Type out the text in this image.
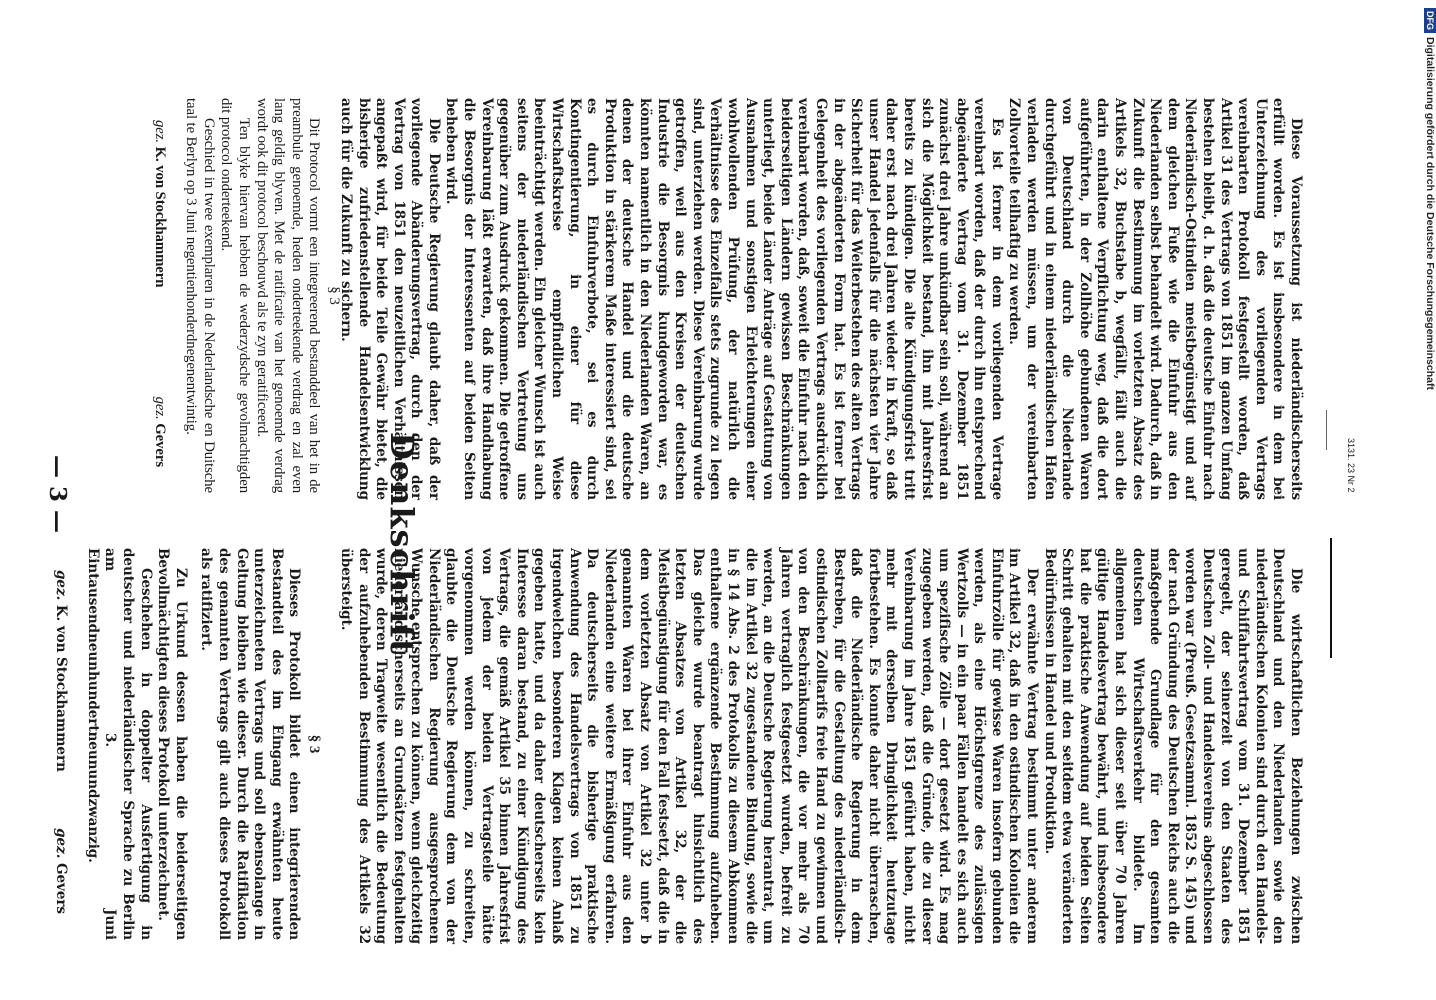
— 3 —
§ 3

Dieses Protokoll bildet einen integrierenden Bestandteil des im Eingang erwähnten heute unterzeichneten Vertrags und soll ebensolange in Geltung bleiben wie dieser. Durch die Ratifikation des genannten Vertrags gilt auch dieses Protokoll als ratifiziert.

Zu Urkund dessen haben die beiderseitigen Bevollmächtigten dieses Protokoll unterzeichnet.

Geschehen in doppelter Ausfertigung in deutscher und niederländischer Sprache zu Berlin am 3. Juni Eintausendneunhundertneunundzwanzig.

gez. K. von Stockhammern
gez. Gevers
§ 3

Dit Protocol vormt een integreerend bestanddeel van het in de preambule genoemde, heden onderteekende verdrag en zal even lang geldig blyven. Met de ratificatie van het genoemde verdrag wordt ook dit protocol beschouwd als te zyn geratificeerd.

Ten blyke hiervan hebben de wederzydsche gevolmachtigden dit protocol onderteekend.

Geschied in twee exemplaren in de Nederlandsche en Duitsche taal te Berlyn op 3 Juni negentienhonderdnegenentwintig.

gez. K. von Stockhammern
gez. Gevers	Denkschrift

Die wirtschaftlichen Beziehungen zwischen Deutschland und den Niederlanden sowie den niederländischen Kolonien sind durch den Handels- und Schiffahrtsvertrag vom 31. Dezember 1851 geregelt, der seinerzeit von den Staaten des Deutschen Zoll- und Handelsvereins abgeschlossen worden war (Preuß. Gesetzsamml. 1852 S. 145) und der nach Gründung des Deutschen Reichs auch die maßgebende Grundlage für den gesamten deutschen Wirtschaftsverkehr bildete. Im allgemeinen hat sich dieser seit über 70 Jahren gültige Handelsvertrag bewährt, und insbesondere hat die praktische Anwendung auf beiden Seiten Schritt gehalten mit den seitdem etwa veränderten Bedürfnissen in Handel und Produktion.

Der erwähnte Vertrag bestimmt unter anderem im Artikel 32, daß in den ostindischen Kolonien die Einfuhrzölle für gewisse Waren insofern gebunden werden, als eine Höchstgrenze des zulässigen Wertzolls — in ein paar Fällen handelt es sich auch um spezifische Zölle — dort gesetzt wird. Es mag zugegeben werden, daß die Gründe, die zu dieser Vereinbarung im Jahre 1851 geführt haben, nicht mehr mit derselben Dringlichkeit heutzutage fortbestehen. Es konnte daher nicht überraschen, daß die Niederländische Regierung in dem Bestreben, für die Gestaltung des niederländisch-ostindischen Zolltarifs freie Hand zu gewinnen und von den Beschränkungen, die vor mehr als 70 Jahren vertraglich festgesetzt wurden, befreit zu werden, an die Deutsche Regierung herantrat, um die im Artikel 32 zugestandene Bindung, sowie die in § 14 Abs. 2 des Protokolls zu diesem Abkommen enthaltene ergänzende Bestimmung aufzuheben. Das gleiche wurde beantragt hinsichtlich des letzten Absatzes von Artikel 32, der die Meistbegünstigung für den Fall festsetzt, daß die in dem vorletzten Absatz von Artikel 32 unter b genannten Waren bei ihrer Einfuhr aus den Niederlanden eine weitere Ermäßigung erfahren. Da deutscherseits die bisherige praktische Anwendung des Handelsvertrags von 1851 zu irgendwelchen besonderen Klagen keinen Anlaß gegeben hatte, und da daher deutscherseits kein Interesse daran bestand, zu einer Kündigung des Vertrags, die gemäß Artikel 35 binnen Jahresfrist von jedem der beiden Vertragsteile hätte vorgenommen werden können, zu schreiten, glaubte die Deutsche Regierung dem von der Niederländischen Regierung ausgesprochenen Wunsche entsprechen zu können, wenn gleichzeitig niederländischerseits an Grundsätzen festgehalten wurde, deren Tragweite wesentlich die Bedeutung der aufzuhebenden Bestimmung des Artikels 32 übersteigt.

Diese Voraussetzung ist niederländischerseits erfüllt worden. Es ist insbesondere in dem bei Unterzeichnung des vorliegenden Vertrags vereinbarten Protokoll festgestellt worden, daß Artikel 31 des Vertrags von 1851 im ganzen Umfang bestehen bleibt, d. h. daß die deutsche Einfuhr nach Niederländisch-Ostindien meistbegünstigt und auf dem gleichen Fuße wie die Einfuhr aus den Niederlanden selbst behandelt wird. Dadurch, daß in Zukunft die Bestimmung im vorletzten Absatz des Artikels 32, Buchstabe b, wegfällt, fällt auch die darin enthaltene Verpflichtung weg, daß die dort aufgeführten, in der Zollhöhe gebundenen Waren von Deutschland durch die Niederlande durchgeführt und in einem niederländischen Hafen verladen werden müssen, um der vereinbarten Zollvorteile teilhaftig zu werden.

Es ist ferner in dem vorliegenden Vertrage vereinbart worden, daß der durch ihn entsprechend abgeänderte Vertrag vom 31. Dezember 1851 zunächst drei Jahre unkündbar sein soll, während an sich die Möglichkeit bestand, ihn mit Jahresfrist bereits zu kündigen. Die alte Kündigungsfrist tritt daher erst nach drei Jahren wieder in Kraft, so daß unser Handel jedenfalls für die nächsten vier Jahre Sicherheit für das Weiterbestehen des alten Vertrags in der abgeänderten Form hat. Es ist ferner bei Gelegenheit des vorliegenden Vertrags ausdrücklich vereinbart worden, daß, soweit die Einfuhr nach den beiderseitigen Ländern gewissen Beschränkungen unterliegt, beide Länder Anträge auf Gestattung von Ausnahmen und sonstigen Erleichterungen einer wohlwollenden Prüfung, der natürlich die Verhältnisse des Einzelfalls stets zugrunde zu legen sind, unterziehen werden. Diese Vereinbarung wurde getroffen, weil aus den Kreisen der deutschen Industrie die Besorgnis kundgeworden war, es könnten namentlich in den Niederlanden Waren, an denen der deutsche Handel und die deutsche Produktion in stärkerem Maße interessiert sind, sei es durch Einfuhrverbote, sei es durch Kontingentierung, in einer für diese Wirtschaftskreise empfindlichen Weise beeinträchtigt werden. Ein gleicher Wunsch ist auch seitens der niederländischen Vertretung uns gegenüber zum Ausdruck gekommen. Die getroffene Vereinbarung läßt erwarten, daß ihre Handhabung die Besorgnis der Interessenten auf beiden Seiten beheben wird.

Die Deutsche Regierung glaubt daher, daß der vorliegende Abänderungsvertrag, durch den der Vertrag von 1851 den neuzeitlichen Verhältnissen angepaßt wird, für beide Teile Gewähr bietet, die bisherige zufriedenstellende Handelsentwicklung auch für die Zukunft zu sichern.

3131. 23 Nr 2
DFG
Digitalisierung gefördert durch die Deutsche Forschungsgemeinschaft
